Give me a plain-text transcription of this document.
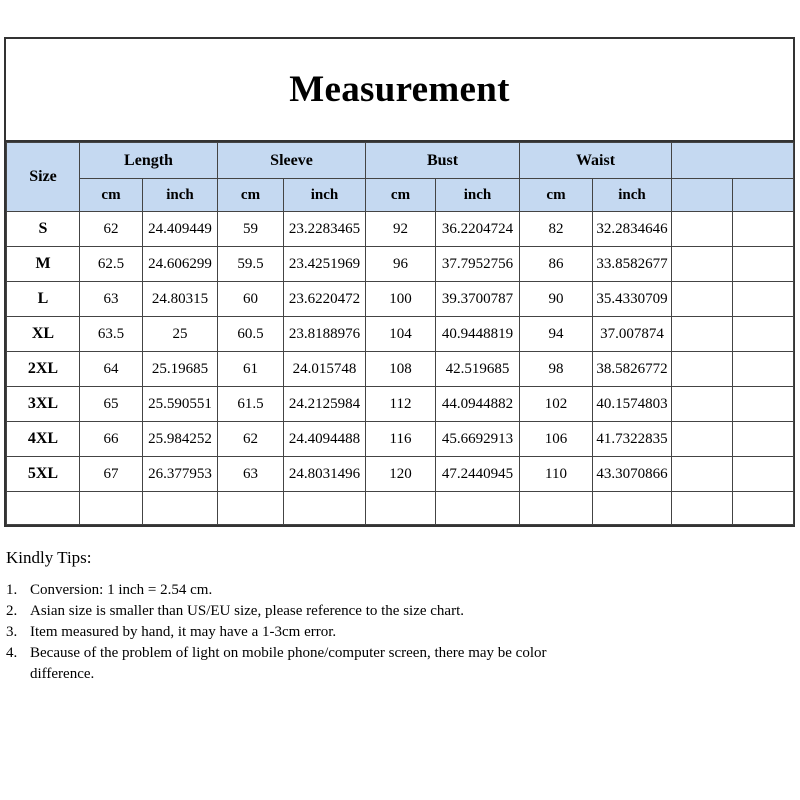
Measurement
Size	Length		Sleeve		Bust		Waist			
	cm	inch	cm	inch	cm	inch	cm	inch		
S	62	24.409449	59	23.2283465	92	36.2204724	82	32.2834646		
M	62.5	24.606299	59.5	23.4251969	96	37.7952756	86	33.8582677		
L	63	24.80315	60	23.6220472	100	39.3700787	90	35.4330709		
XL	63.5	25	60.5	23.8188976	104	40.9448819	94	37.007874		
2XL	64	25.19685	61	24.015748	108	42.519685	98	38.5826772		
3XL	65	25.590551	61.5	24.2125984	112	44.0944882	102	40.1574803		
4XL	66	25.984252	62	24.4094488	116	45.6692913	106	41.7322835		
5XL	67	26.377953	63	24.8031496	120	47.2440945	110	43.3070866		

Kindly Tips:
1. Conversion: 1 inch = 2.54 cm.
2. Asian size is smaller than US/EU size, please reference to the size chart.
3. Item measured by hand, it may have a 1-3cm error.
4. Because of the problem of light on mobile phone/computer screen, there may be color difference.
